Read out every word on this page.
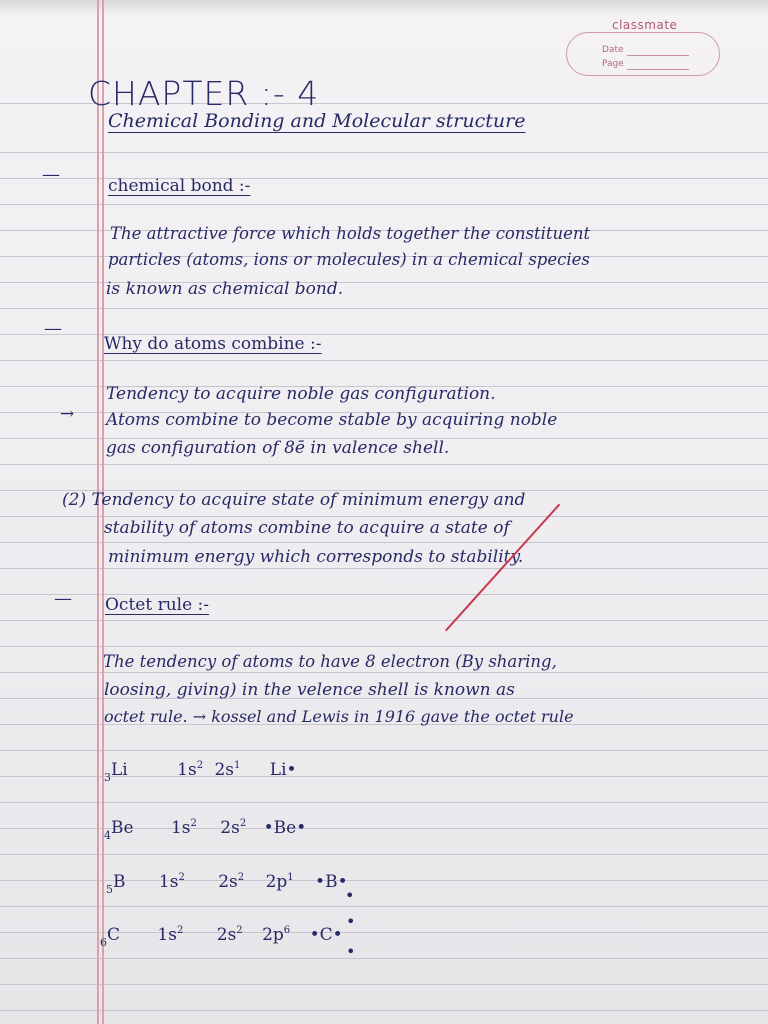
classmate
Date
Page
CHAPTER :- 4
Chemical Bonding and Molecular structure
—
chemical bond :-
The attractive force which holds together the constituent
particles (atoms, ions or molecules) in a chemical species
is known as chemical bond.
—
Why do atoms combine :-
Tendency to acquire noble gas configuration.
→ Atoms combine to become stable by acquiring noble
gas configuration of 8ē in valence shell.
(2) Tendency to acquire state of minimum energy and
stability of atoms combine to acquire a state of
minimum energy which corresponds to stability.
— Octet rule :-
The tendency of atoms to have 8 electron (By sharing,
loosing, giving) in the velence shell is known as
octet rule. → kossel and Lewis in 1916 gave the octet rule
$_3$Li	$1s^2$ $2s^1$ Li•
$_4$Be $1s^2$ $2s^2$ •Be•
$_5$B $1s^2$ $2s^2$ $2p^1$ •B•
•
$_6$C $1s^2$ $2s^2$ $2p^6$ •C•
•
•
